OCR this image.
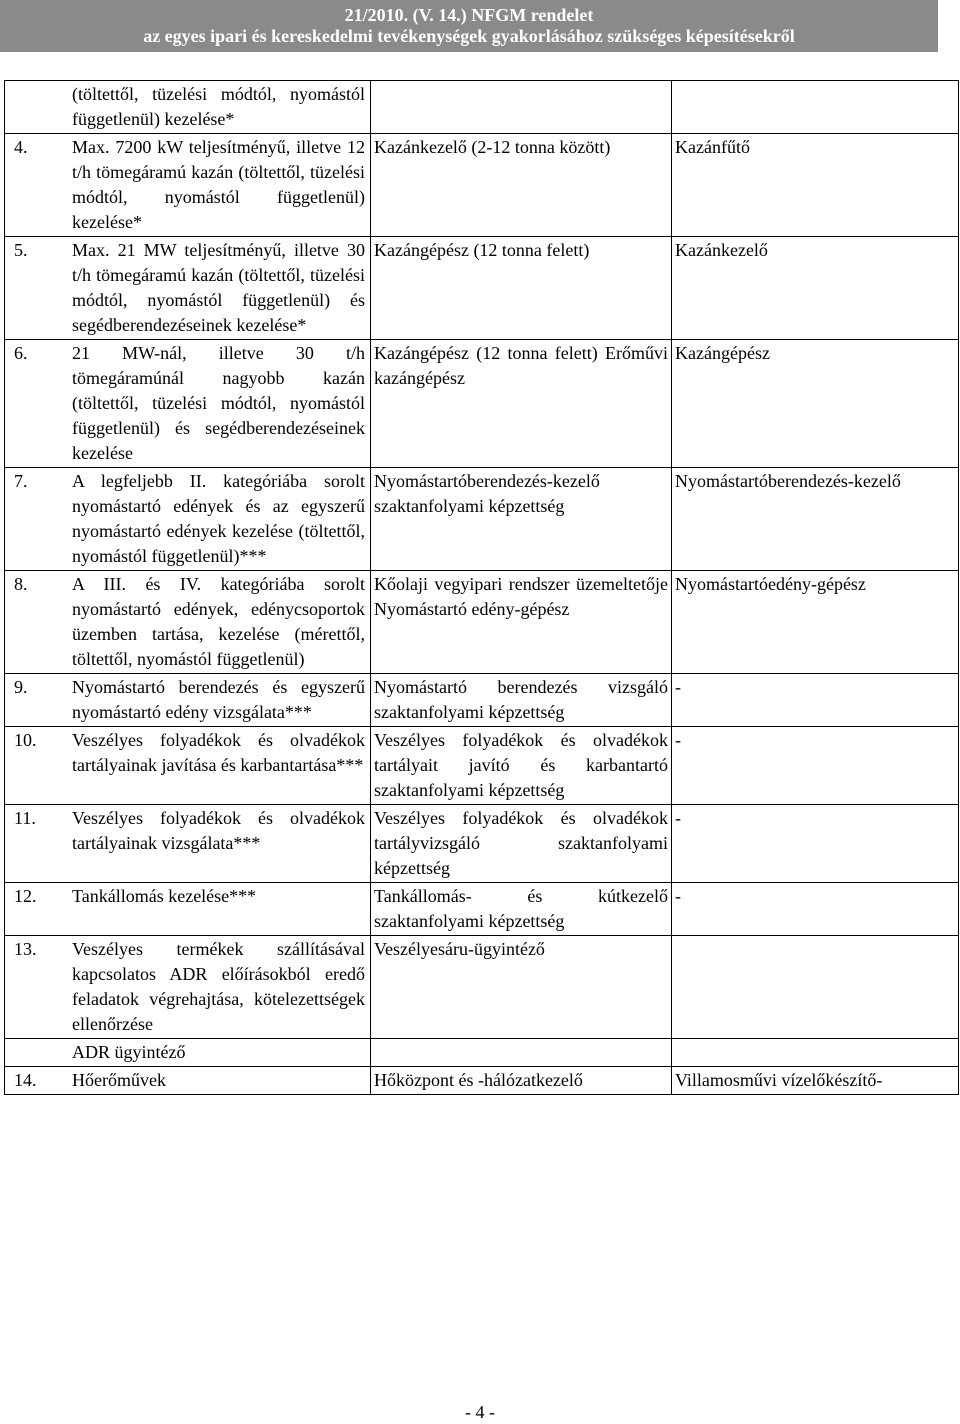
21/2010. (V. 14.) NFGM rendelet
az egyes ipari és kereskedelmi tevékenységek gyakorlásához szükséges képesítésekről
	(töltettől, tüzelési módtól, nyomástól függetlenül) kezelése*

4.	Max. 7200 kW teljesítményű, illetve 12 t/h tömegáramú kazán (töltettől, tüzelési módtól, nyomástól függetlenül) kezelése*	Kazánkezelő (2-12 tonna között)	Kazánfűtő

5.	Max. 21 MW teljesítményű, illetve 30 t/h tömegáramú kazán (töltettől, tüzelési módtól, nyomástól függetlenül) és segédberendezéseinek kezelése*	Kazángépész (12 tonna felett)	Kazánkezelő

6.	21 MW-nál, illetve 30 t/h tömegáramúnál nagyobb kazán (töltettől, tüzelési módtól, nyomástól függetlenül) és segédberendezéseinek kezelése	Kazángépész (12 tonna felett) Erőművi kazángépész	Kazángépész

7.	A legfeljebb II. kategóriába sorolt nyomástartó edények és az egyszerű nyomástartó edények kezelése (töltettől, nyomástól függetlenül)***	Nyomástartóberendezés-kezelő szaktanfolyami képzettség	Nyomástartóberendezés-kezelő

8.	A III. és IV. kategóriába sorolt nyomástartó edények, edénycsoportok üzemben tartása, kezelése (mérettől, töltettől, nyomástól függetlenül)	Kőolaji vegyipari rendszer üzemeltetője Nyomástartó edény-gépész	Nyomástartóedény-gépész

9.	Nyomástartó berendezés és egyszerű nyomástartó edény vizsgálata***	Nyomástartó berendezés vizsgáló szaktanfolyami képzettség	-

10.	Veszélyes folyadékok és olvadékok tartályainak javítása és karbantartása***	Veszélyes folyadékok és olvadékok tartályait javító és karbantartó szaktanfolyami képzettség	-

11.	Veszélyes folyadékok és olvadékok tartályainak vizsgálata***	Veszélyes folyadékok és olvadékok tartályvizsgáló szaktanfolyami képzettség	-

12.	Tankállomás kezelése***	Tankállomás- és kútkezelő szaktanfolyami képzettség	-

13.	Veszélyes termékek szállításával kapcsolatos ADR előírásokból eredő feladatok végrehajtása, kötelezettségek ellenőrzése	Veszélyesáru-ügyintéző	

	ADR ügyintéző

14.	Hőerőművek	Hőközpont és -hálózatkezelő	Villamosművi vízelőkészítő-
- 4 -
